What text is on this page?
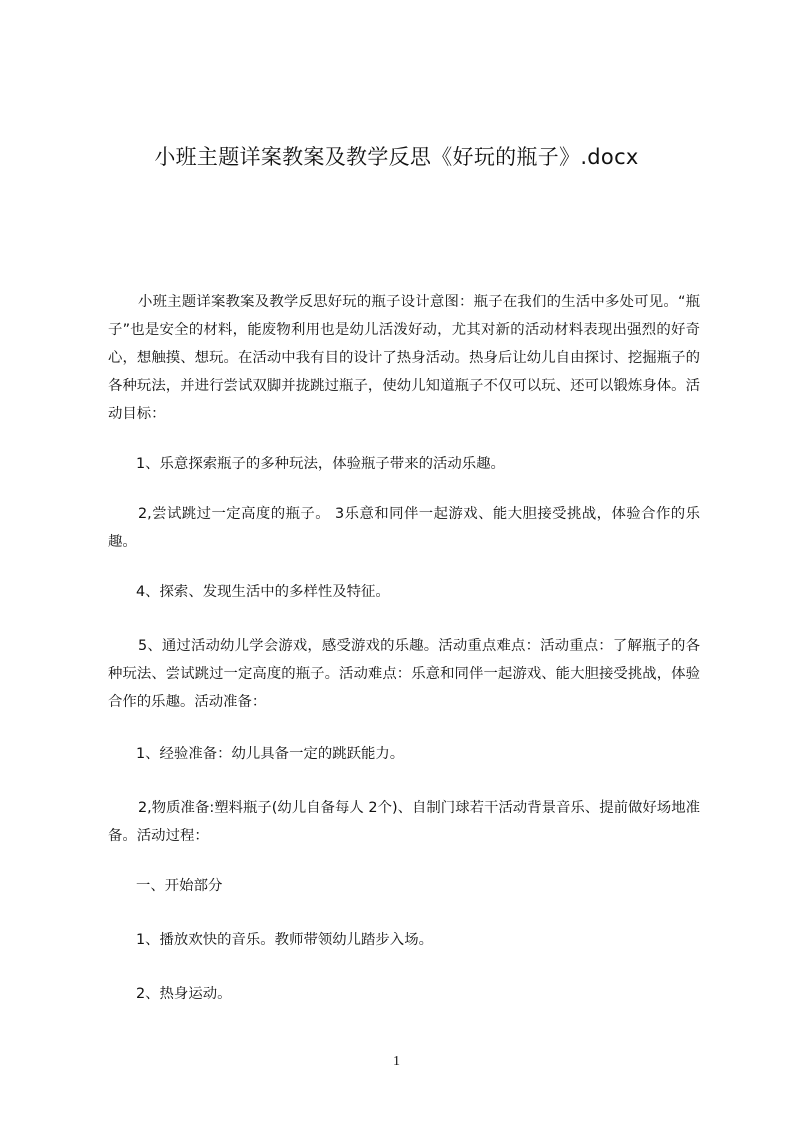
小班主题详案教案及教学反思《好玩的瓶子》.docx

小班主题详案教案及教学反思好玩的瓶子设计意图：瓶子在我们的生活中多处可见。“瓶子”也是安全的材料，能废物利用也是幼儿活泼好动，尤其对新的活动材料表现出强烈的好奇心，想触摸、想玩。在活动中我有目的设计了热身活动。热身后让幼儿自由探讨、挖掘瓶子的各种玩法，并进行尝试双脚并拢跳过瓶子，使幼儿知道瓶子不仅可以玩、还可以锻炼身体。活动目标：

1、乐意探索瓶子的多种玩法，体验瓶子带来的活动乐趣。

2,尝试跳过一定高度的瓶子。 3乐意和同伴一起游戏、能大胆接受挑战，体验合作的乐趣。

4、探索、发现生活中的多样性及特征。

5、通过活动幼儿学会游戏，感受游戏的乐趣。活动重点难点：活动重点：了解瓶子的各种玩法、尝试跳过一定高度的瓶子。活动难点：乐意和同伴一起游戏、能大胆接受挑战，体验合作的乐趣。活动准备：

1、经验准备：幼儿具备一定的跳跃能力。

2,物质准备:塑料瓶子(幼儿自备每人 2个)、自制门球若干活动背景音乐、提前做好场地准备。活动过程：

一、开始部分

1、播放欢快的音乐。教师带领幼儿踏步入场。

2、热身运动。

1
